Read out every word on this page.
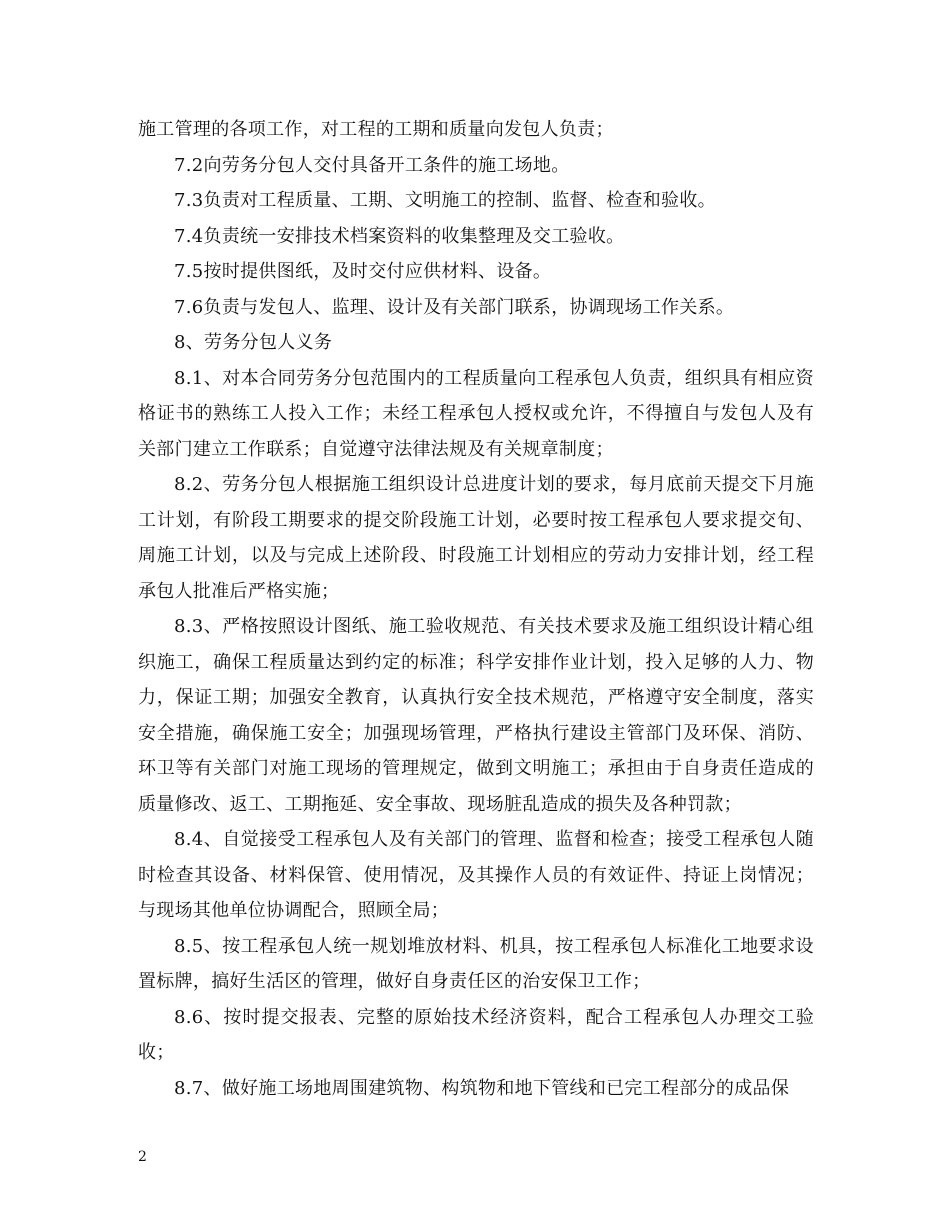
施工管理的各项工作，对工程的工期和质量向发包人负责；

7.2向劳务分包人交付具备开工条件的施工场地。

7.3负责对工程质量、工期、文明施工的控制、监督、检查和验收。

7.4负责统一安排技术档案资料的收集整理及交工验收。

7.5按时提供图纸，及时交付应供材料、设备。

7.6负责与发包人、监理、设计及有关部门联系，协调现场工作关系。

8、劳务分包人义务

8.1、对本合同劳务分包范围内的工程质量向工程承包人负责，组织具有相应资格证书的熟练工人投入工作；未经工程承包人授权或允许，不得擅自与发包人及有关部门建立工作联系；自觉遵守法律法规及有关规章制度；

8.2、劳务分包人根据施工组织设计总进度计划的要求，每月底前天提交下月施工计划，有阶段工期要求的提交阶段施工计划，必要时按工程承包人要求提交旬、周施工计划，以及与完成上述阶段、时段施工计划相应的劳动力安排计划，经工程承包人批准后严格实施；

8.3、严格按照设计图纸、施工验收规范、有关技术要求及施工组织设计精心组织施工，确保工程质量达到约定的标准；科学安排作业计划，投入足够的人力、物力，保证工期；加强安全教育，认真执行安全技术规范，严格遵守安全制度，落实安全措施，确保施工安全；加强现场管理，严格执行建设主管部门及环保、消防、环卫等有关部门对施工现场的管理规定，做到文明施工；承担由于自身责任造成的质量修改、返工、工期拖延、安全事故、现场脏乱造成的损失及各种罚款；

8.4、自觉接受工程承包人及有关部门的管理、监督和检查；接受工程承包人随时检查其设备、材料保管、使用情况，及其操作人员的有效证件、持证上岗情况；与现场其他单位协调配合，照顾全局；

8.5、按工程承包人统一规划堆放材料、机具，按工程承包人标准化工地要求设置标牌，搞好生活区的管理，做好自身责任区的治安保卫工作；

8.6、按时提交报表、完整的原始技术经济资料，配合工程承包人办理交工验收；

8.7、做好施工场地周围建筑物、构筑物和地下管线和已完工程部分的成品保

2
